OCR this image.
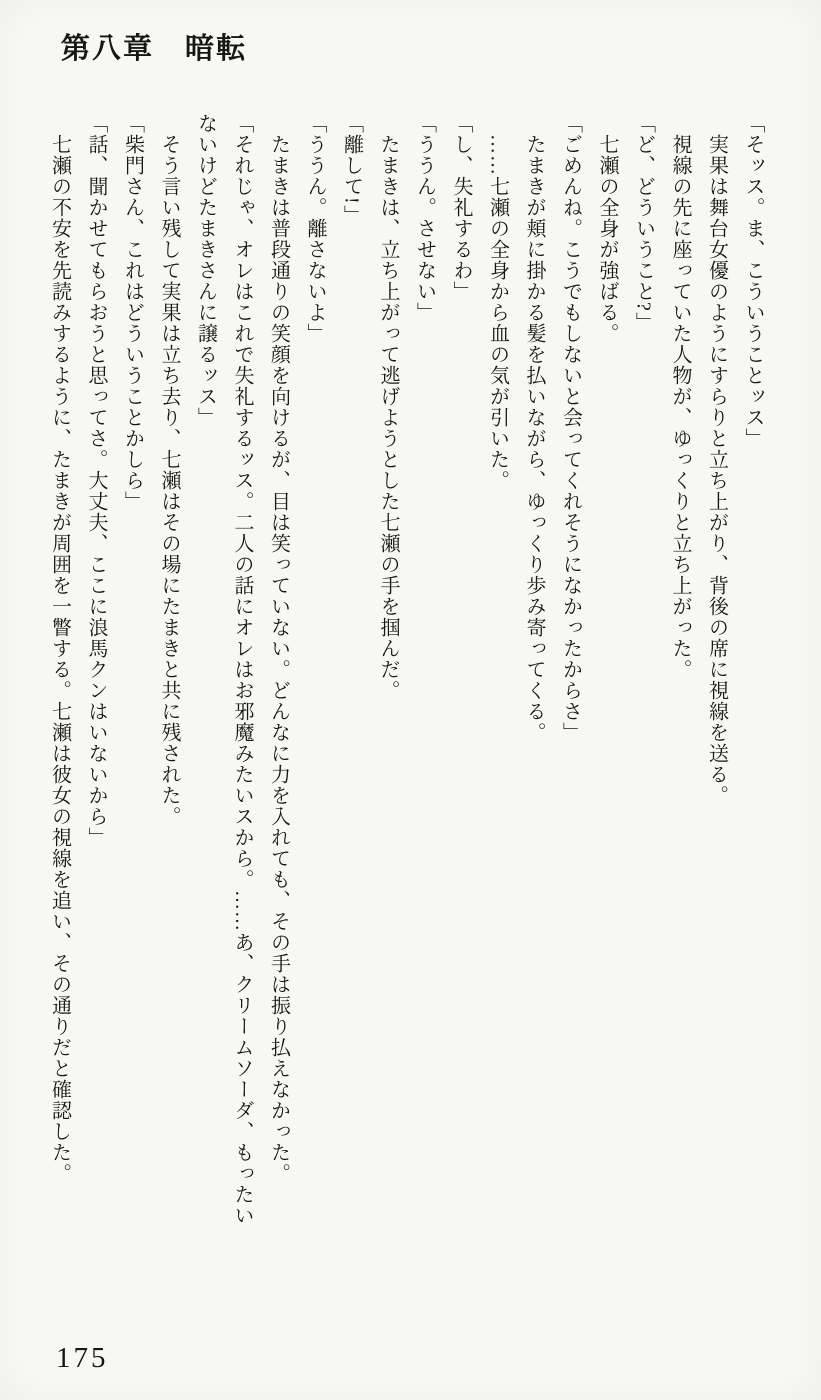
第八章　暗転

「そッス。ま、こういうことッス」

実果は舞台女優のようにすらりと立ち上がり、背後の席に視線を送る。

視線の先に座っていた人物が、ゆっくりと立ち上がった。

「ど、どういうこと?」

七瀬の全身が強ばる。

「ごめんね。こうでもしないと会ってくれそうになかったからさ」

たまきが頬に掛かる髪を払いながら、ゆっくり歩み寄ってくる。

……七瀬の全身から血の気が引いた。

「し、失礼するわ」

「ううん。させない」

たまきは、立ち上がって逃げようとした七瀬の手を掴んだ。

「離して!」

「ううん。離さないよ」

たまきは普段通りの笑顔を向けるが、目は笑っていない。どんなに力を入れても、その手は振り払えなかった。

「それじゃ、オレはこれで失礼するッス。二人の話にオレはお邪魔みたいスから。……あ、クリームソーダ、もったい

ないけどたまきさんに譲るッス」

そう言い残して実果は立ち去り、七瀬はその場にたまきと共に残された。

「柴門さん、これはどういうことかしら」

「話、聞かせてもらおうと思ってさ。大丈夫、ここに浪馬クンはいないから」

七瀬の不安を先読みするように、たまきが周囲を一瞥する。七瀬は彼女の視線を追い、その通りだと確認した。

175
